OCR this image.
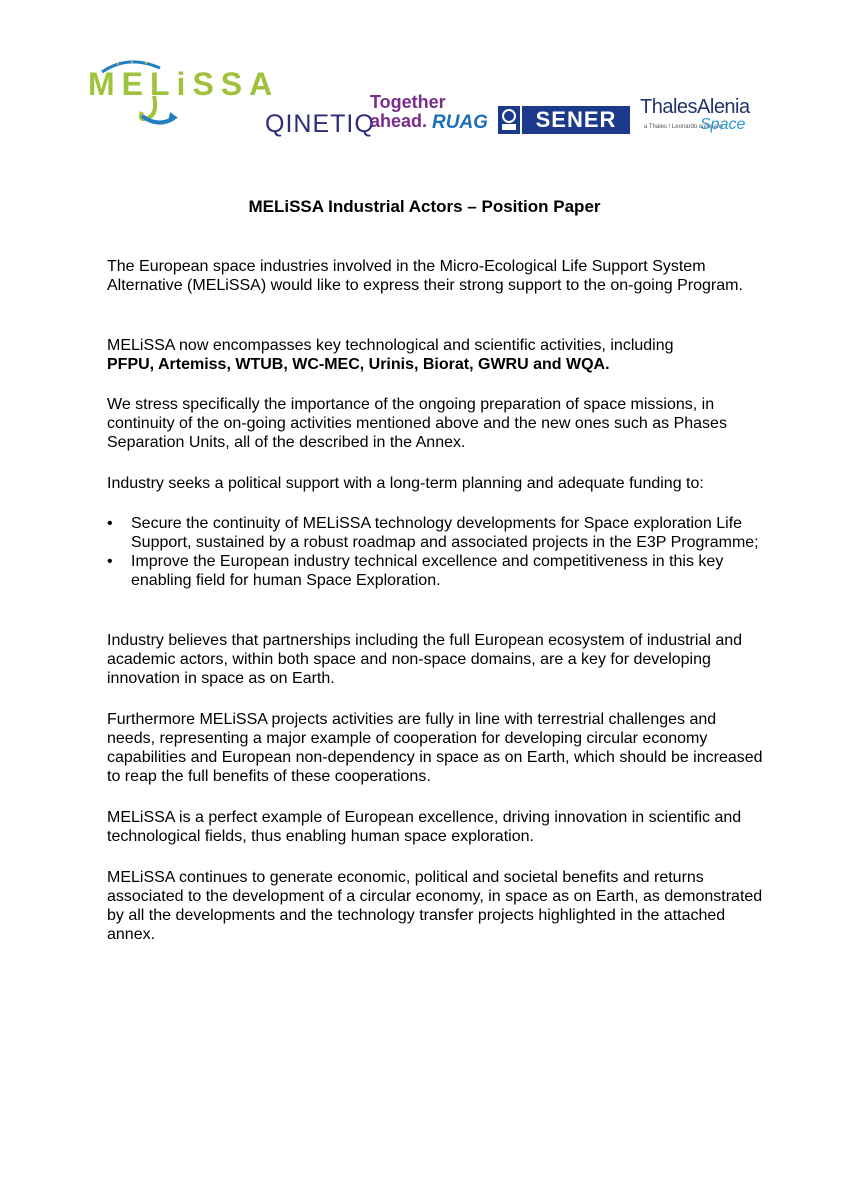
MELiSSA
QINETIQ
Together
ahead. RUAG	SENER	ThalesAlenia
a Thales / Leonardo company
Space
MELiSSA Industrial Actors – Position Paper

The European space industries involved in the Micro-Ecological Life Support System Alternative (MELiSSA) would like to express their strong support to the on-going Program.

MELiSSA now encompasses key technological and scientific activities, including
PFPU, Artemiss, WTUB, WC-MEC, Urinis, Biorat, GWRU and WQA.

We stress specifically the importance of the ongoing preparation of space missions, in continuity of the on-going activities mentioned above and the new ones such as Phases Separation Units, all of the described in the Annex.

Industry seeks a political support with a long-term planning and adequate funding to:

• Secure the continuity of MELiSSA technology developments for Space exploration Life Support, sustained by a robust roadmap and associated projects in the E3P Programme;
• Improve the European industry technical excellence and competitiveness in this key enabling field for human Space Exploration.

Industry believes that partnerships including the full European ecosystem of industrial and academic actors, within both space and non-space domains, are a key for developing innovation in space as on Earth.

Furthermore MELiSSA projects activities are fully in line with terrestrial challenges and needs, representing a major example of cooperation for developing circular economy capabilities and European non-dependency in space as on Earth, which should be increased to reap the full benefits of these cooperations.

MELiSSA is a perfect example of European excellence, driving innovation in scientific and technological fields, thus enabling human space exploration.

MELiSSA continues to generate economic, political and societal benefits and returns associated to the development of a circular economy, in space as on Earth, as demonstrated by all the developments and the technology transfer projects highlighted in the attached annex.
